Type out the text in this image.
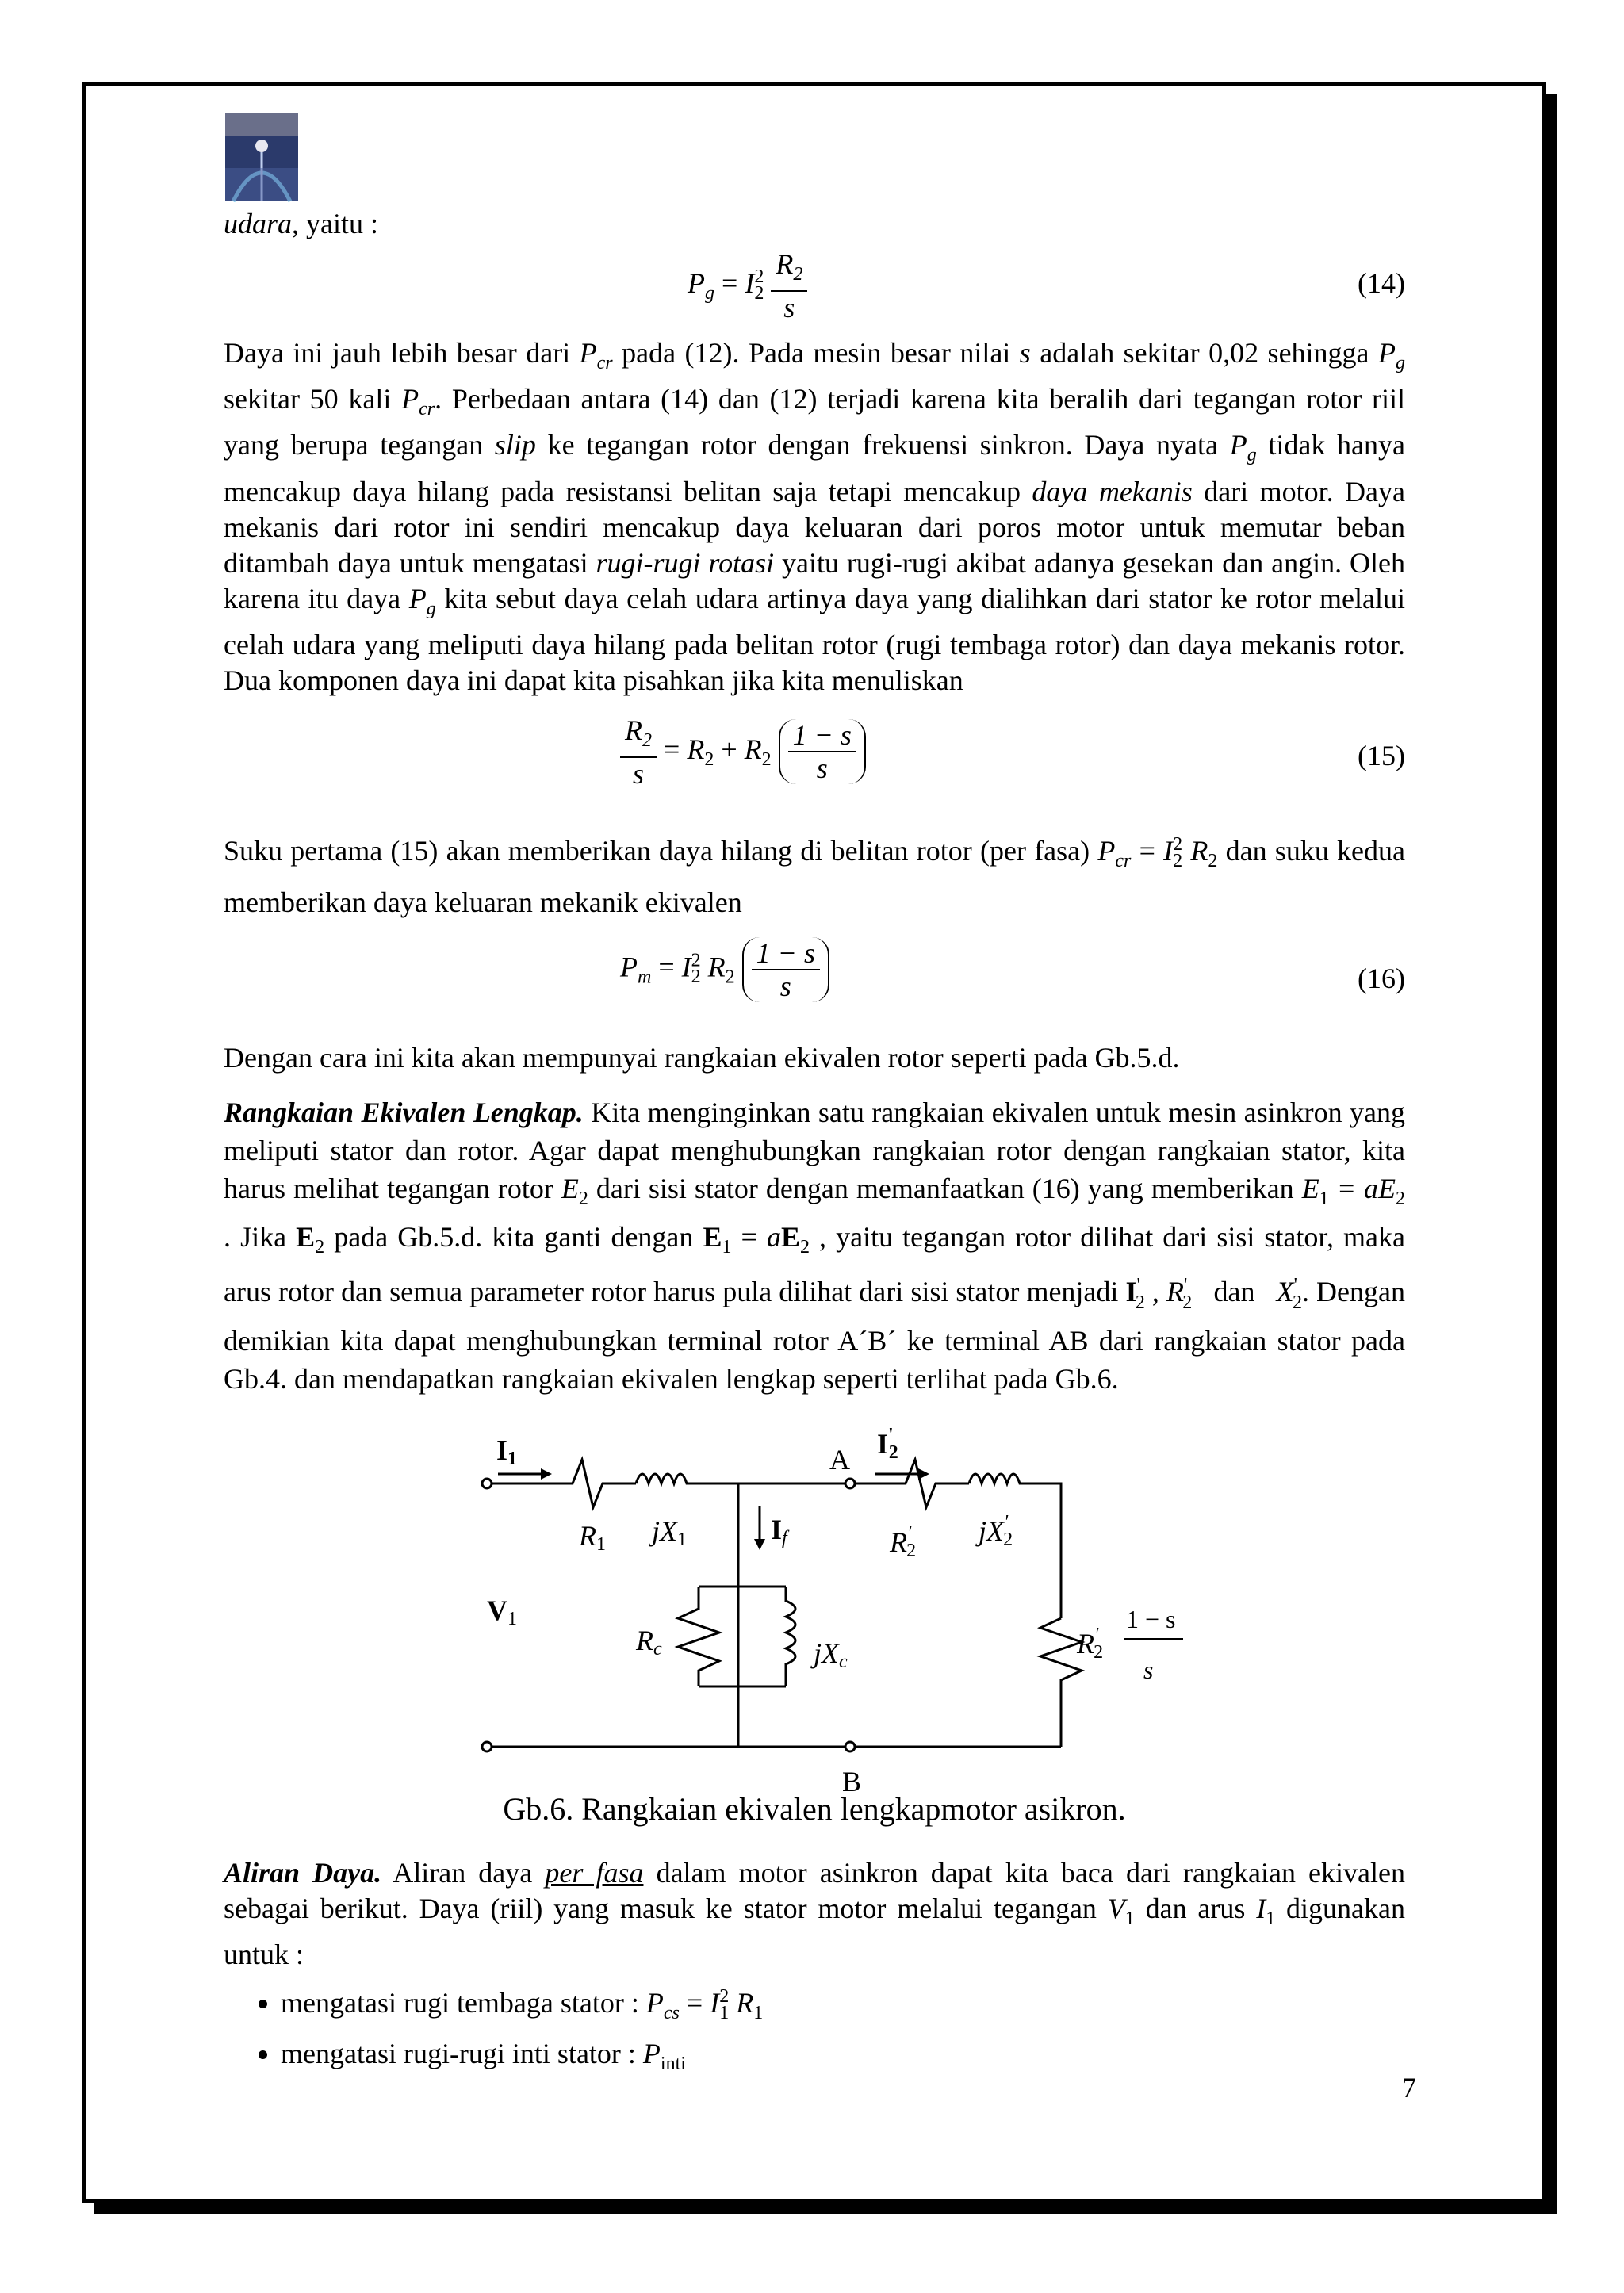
udara, yaitu :

$P_g = I^2_2 \frac{R_2}{s}$	(14)

Daya ini jauh lebih besar dari $P_{cr}$ pada (12). Pada mesin besar nilai s adalah sekitar 0,02 sehingga $P_g$ sekitar 50 kali $P_{cr}$. Perbedaan antara (14) dan (12) terjadi karena kita beralih dari tegangan rotor riil yang berupa tegangan slip ke tegangan rotor dengan frekuensi sinkron. Daya nyata $P_g$ tidak hanya mencakup daya hilang pada resistansi belitan saja tetapi mencakup daya mekanis dari motor. Daya mekanis dari rotor ini sendiri mencakup daya keluaran dari poros motor untuk memutar beban ditambah daya untuk mengatasi rugi-rugi rotasi yaitu rugi-rugi akibat adanya gesekan dan angin. Oleh karena itu daya $P_g$ kita sebut daya celah udara artinya daya yang dialihkan dari stator ke rotor melalui celah udara yang meliputi daya hilang pada belitan rotor (rugi tembaga rotor) dan daya mekanis rotor. Dua komponen daya ini dapat kita pisahkan jika kita menuliskan

$\frac{R_2}{s} = R_2 + R_2 \frac{1 - s}{s}$	(15)

Suku pertama (15) akan memberikan daya hilang di belitan rotor (per fasa) $P_{cr} = I^2_2$ $R_2$ dan suku kedua memberikan daya keluaran mekanik ekivalen

$P_m = I^2_2$ $R_2 \frac{1 - s}{s}$	(16)

Dengan cara ini kita akan mempunyai rangkaian ekivalen rotor seperti pada Gb.5.d.

Rangkaian Ekivalen Lengkap. Kita menginginkan satu rangkaian ekivalen untuk mesin asinkron yang meliputi stator dan rotor. Agar dapat menghubungkan rangkaian rotor dengan rangkaian stator, kita harus melihat tegangan rotor $E_2$ dari sisi stator dengan memanfaatkan (16) yang memberikan $E_1 = aE_2$ . Jika $E_2$ pada Gb.5.d. kita ganti dengan $E_1 = aE_2$ , yaitu tegangan rotor dilihat dari sisi stator, maka arus rotor dan semua parameter rotor harus pula dilihat dari sisi stator menjadi $I'_2$ , $R'_2$   dan   $X'_2$. Dengan demikian kita dapat menghubungkan terminal rotor A´B´ ke terminal AB dari rangkaian stator pada Gb.4. dan mendapatkan rangkaian ekivalen lengkap seperti terlihat pada Gb.6.

I1
R1 jX1
A I' 2
If	R' 2
jX' 2
V1
Rc	jXc
R' 2
1 − s
s
B
Gb.6. Rangkaian ekivalen lengkapmotor asikron.

Aliran Daya. Aliran daya per fasa dalam motor asinkron dapat kita baca dari rangkaian ekivalen sebagai berikut. Daya (riil) yang masuk ke stator motor melalui tegangan $V_1$ dan arus $I_1$ digunakan untuk :

• mengatasi rugi tembaga stator : $P_{cs} = I^2_1$ $R_1$
• mengatasi rugi-rugi inti stator : $P_{inti}$
7
